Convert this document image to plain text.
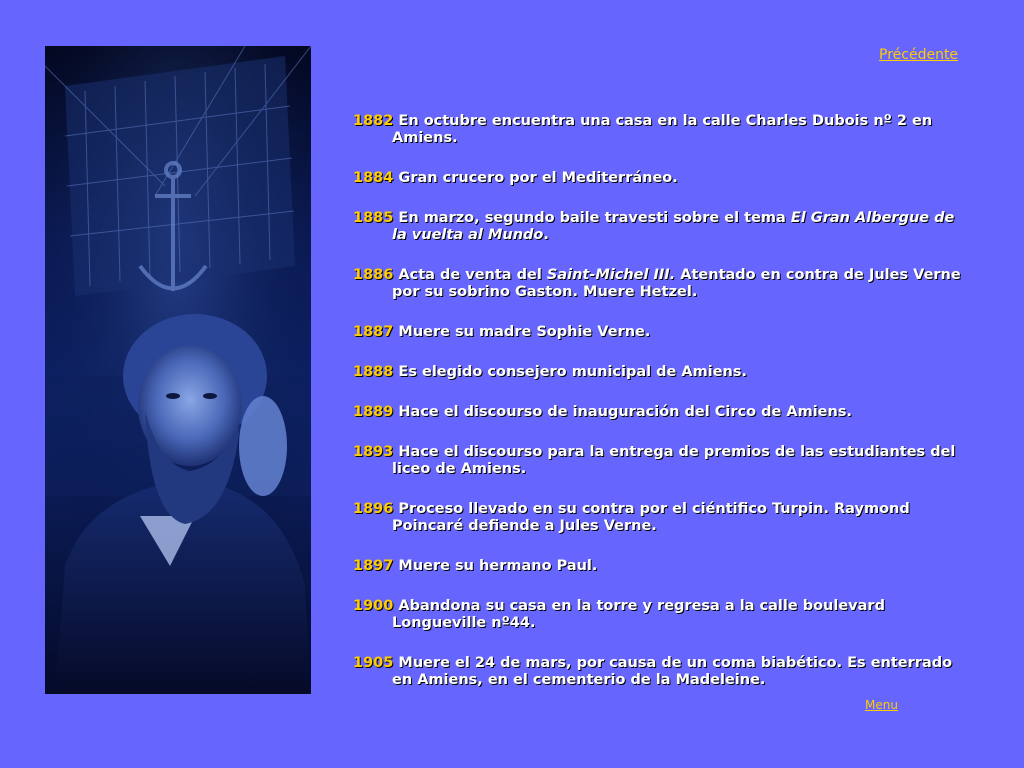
Précédente
1882 En octubre encuentra una casa en la calle Charles Dubois nº 2 en Amiens.
1884 Gran crucero por el Mediterráneo.
1885 En marzo, segundo baile travesti sobre el tema El Gran Albergue de la vuelta al Mundo.
1886 Acta de venta del Saint-Michel III. Atentado en contra de Jules Verne por su sobrino Gaston. Muere Hetzel.
1887 Muere su madre Sophie Verne.
1888 Es elegido consejero municipal de Amiens.
1889 Hace el discourso de inauguración del Circo de Amiens.
1893 Hace el discourso para la entrega de premios de las estudiantes del liceo de Amiens.
1896 Proceso llevado en su contra por el ciéntifico Turpin. Raymond Poincaré defiende a Jules Verne.
1897 Muere su hermano Paul.
1900 Abandona su casa en la torre y regresa a la calle boulevard Longueville nº44.
1905 Muere el 24 de mars, por causa de un coma biabético. Es enterrado en Amiens, en el cementerio de la Madeleine.
Menu
